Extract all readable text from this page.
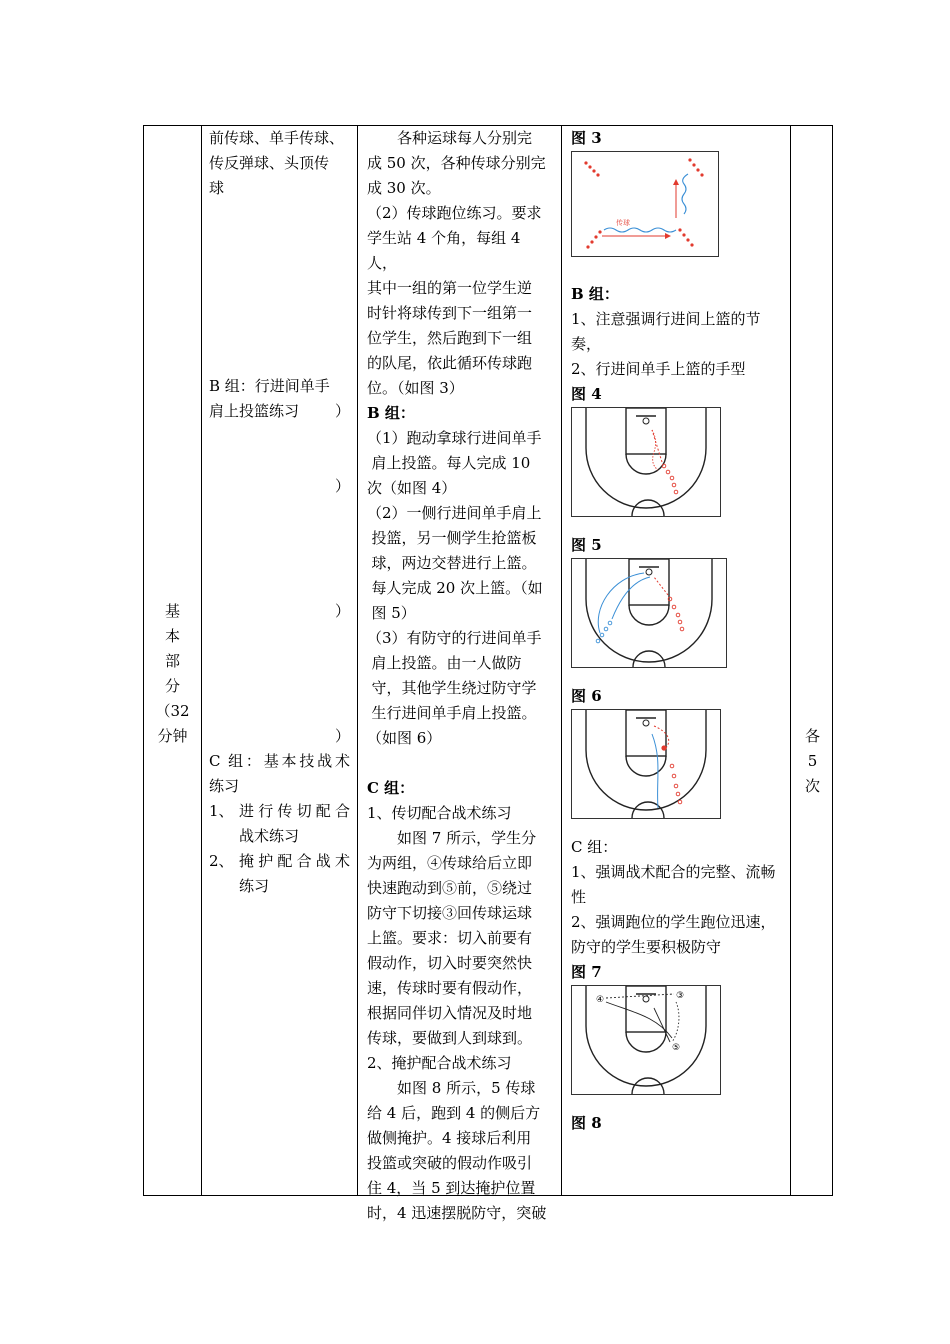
基
本
部
分
（32
分钟

前传球、单手传球、

传反弹球、头顶传

球

B 组：行进间单手

肩上投篮练习 ）

）
）
）

C 组：基本技战术

练习

1、 进行传切配合
战术练习
2、 掩护配合战术
练习

各种运球每人分别完

成 50 次，各种传球分别完

成 30 次。

（2）传球跑位练习。要求

学生站 4 个角，每组 4 人，

其中一组的第一位学生逆

时针将球传到下一组第一

位学生，然后跑到下一组

的队尾，依此循环传球跑

位。（如图 3）

B 组：

（1）跑动拿球行进间单手

肩上投篮。每人完成 10

次（如图 4）

（2）一侧行进间单手肩上

投篮，另一侧学生抢篮板

球，两边交替进行上篮。

每人完成 20 次上篮。（如

图 5）

（3）有防守的行进间单手

肩上投篮。由一人做防

守，其他学生绕过防守学

生行进间单手肩上投篮。

（如图 6）

C 组：

1、传切配合战术练习

如图 7 所示，学生分

为两组，④传球给后立即

快速跑动到⑤前，⑤绕过

防守下切接③回传球运球

上篮。要求：切入前要有

假动作，切入时要突然快

速，传球时要有假动作，

根据同伴切入情况及时地

传球，要做到人到球到。

2、掩护配合战术练习

如图 8 所示，5 传球

给 4 后，跑到 4 的侧后方

做侧掩护。4 接球后利用

投篮或突破的假动作吸引

住 4，当 5 到达掩护位置

时，4 迅速摆脱防守，突破

图 3

传球

B 组：

1、注意强调行进间上篮的节

奏，

2、行进间单手上篮的手型

图 4

图 5

图 6

C 组：

1、强调战术配合的完整、流畅

性

2、强调跑位的学生跑位迅速，

防守的学生要积极防守

图 7

④	③
⑤

图 8

各
5
次
